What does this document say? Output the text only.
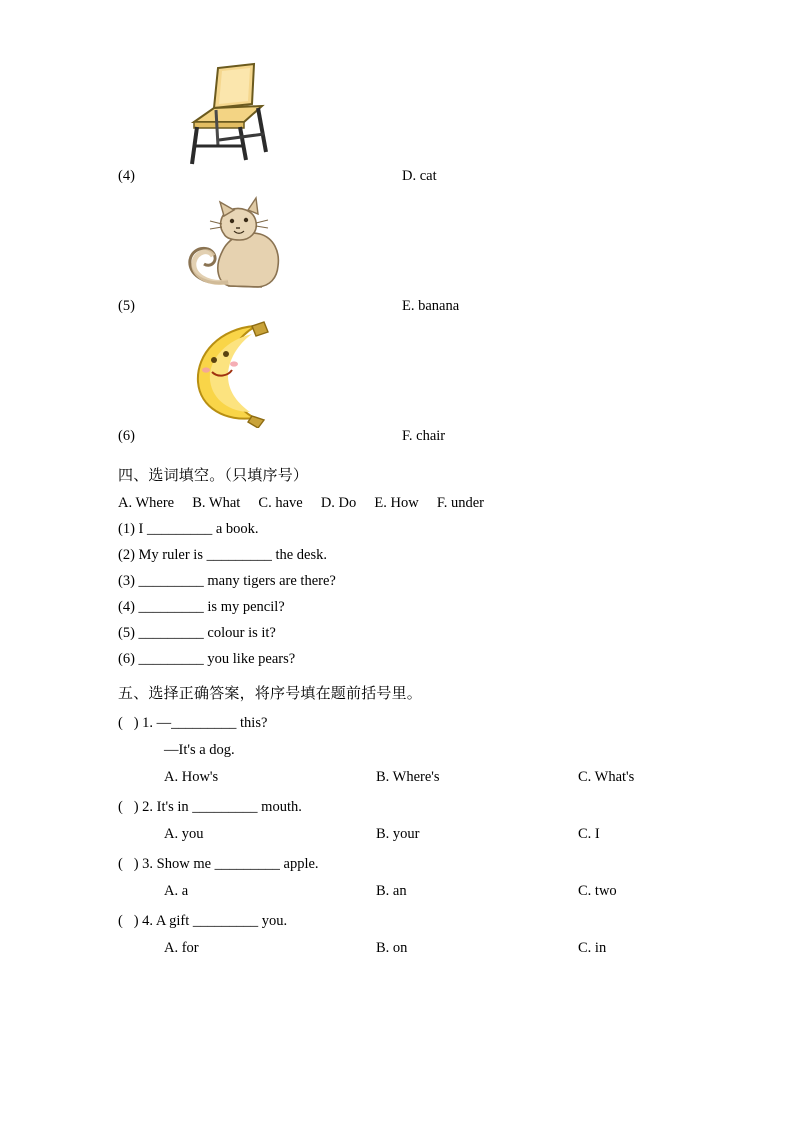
(4)	D. cat
(5)	E. banana
(6)	F. chair
四、选词填空。（只填序号）
A. Where     B. What     C. have     D. Do     E. How     F. under
(1) I _________ a book.
(2) My ruler is _________ the desk.
(3) _________ many tigers are there?
(4) _________ is my pencil?
(5) _________ colour is it?
(6) _________ you like pears?
五、选择正确答案，将序号填在题前括号里。
(   ) 1. —_________ this?
—It's a dog.
A. How's	B. Where's	C. What's
(   ) 2. It's in _________ mouth.
A. you	B. your	C. I
(   ) 3. Show me _________ apple.
A. a	B. an	C. two
(   ) 4. A gift _________ you.
A. for	B. on	C. in
